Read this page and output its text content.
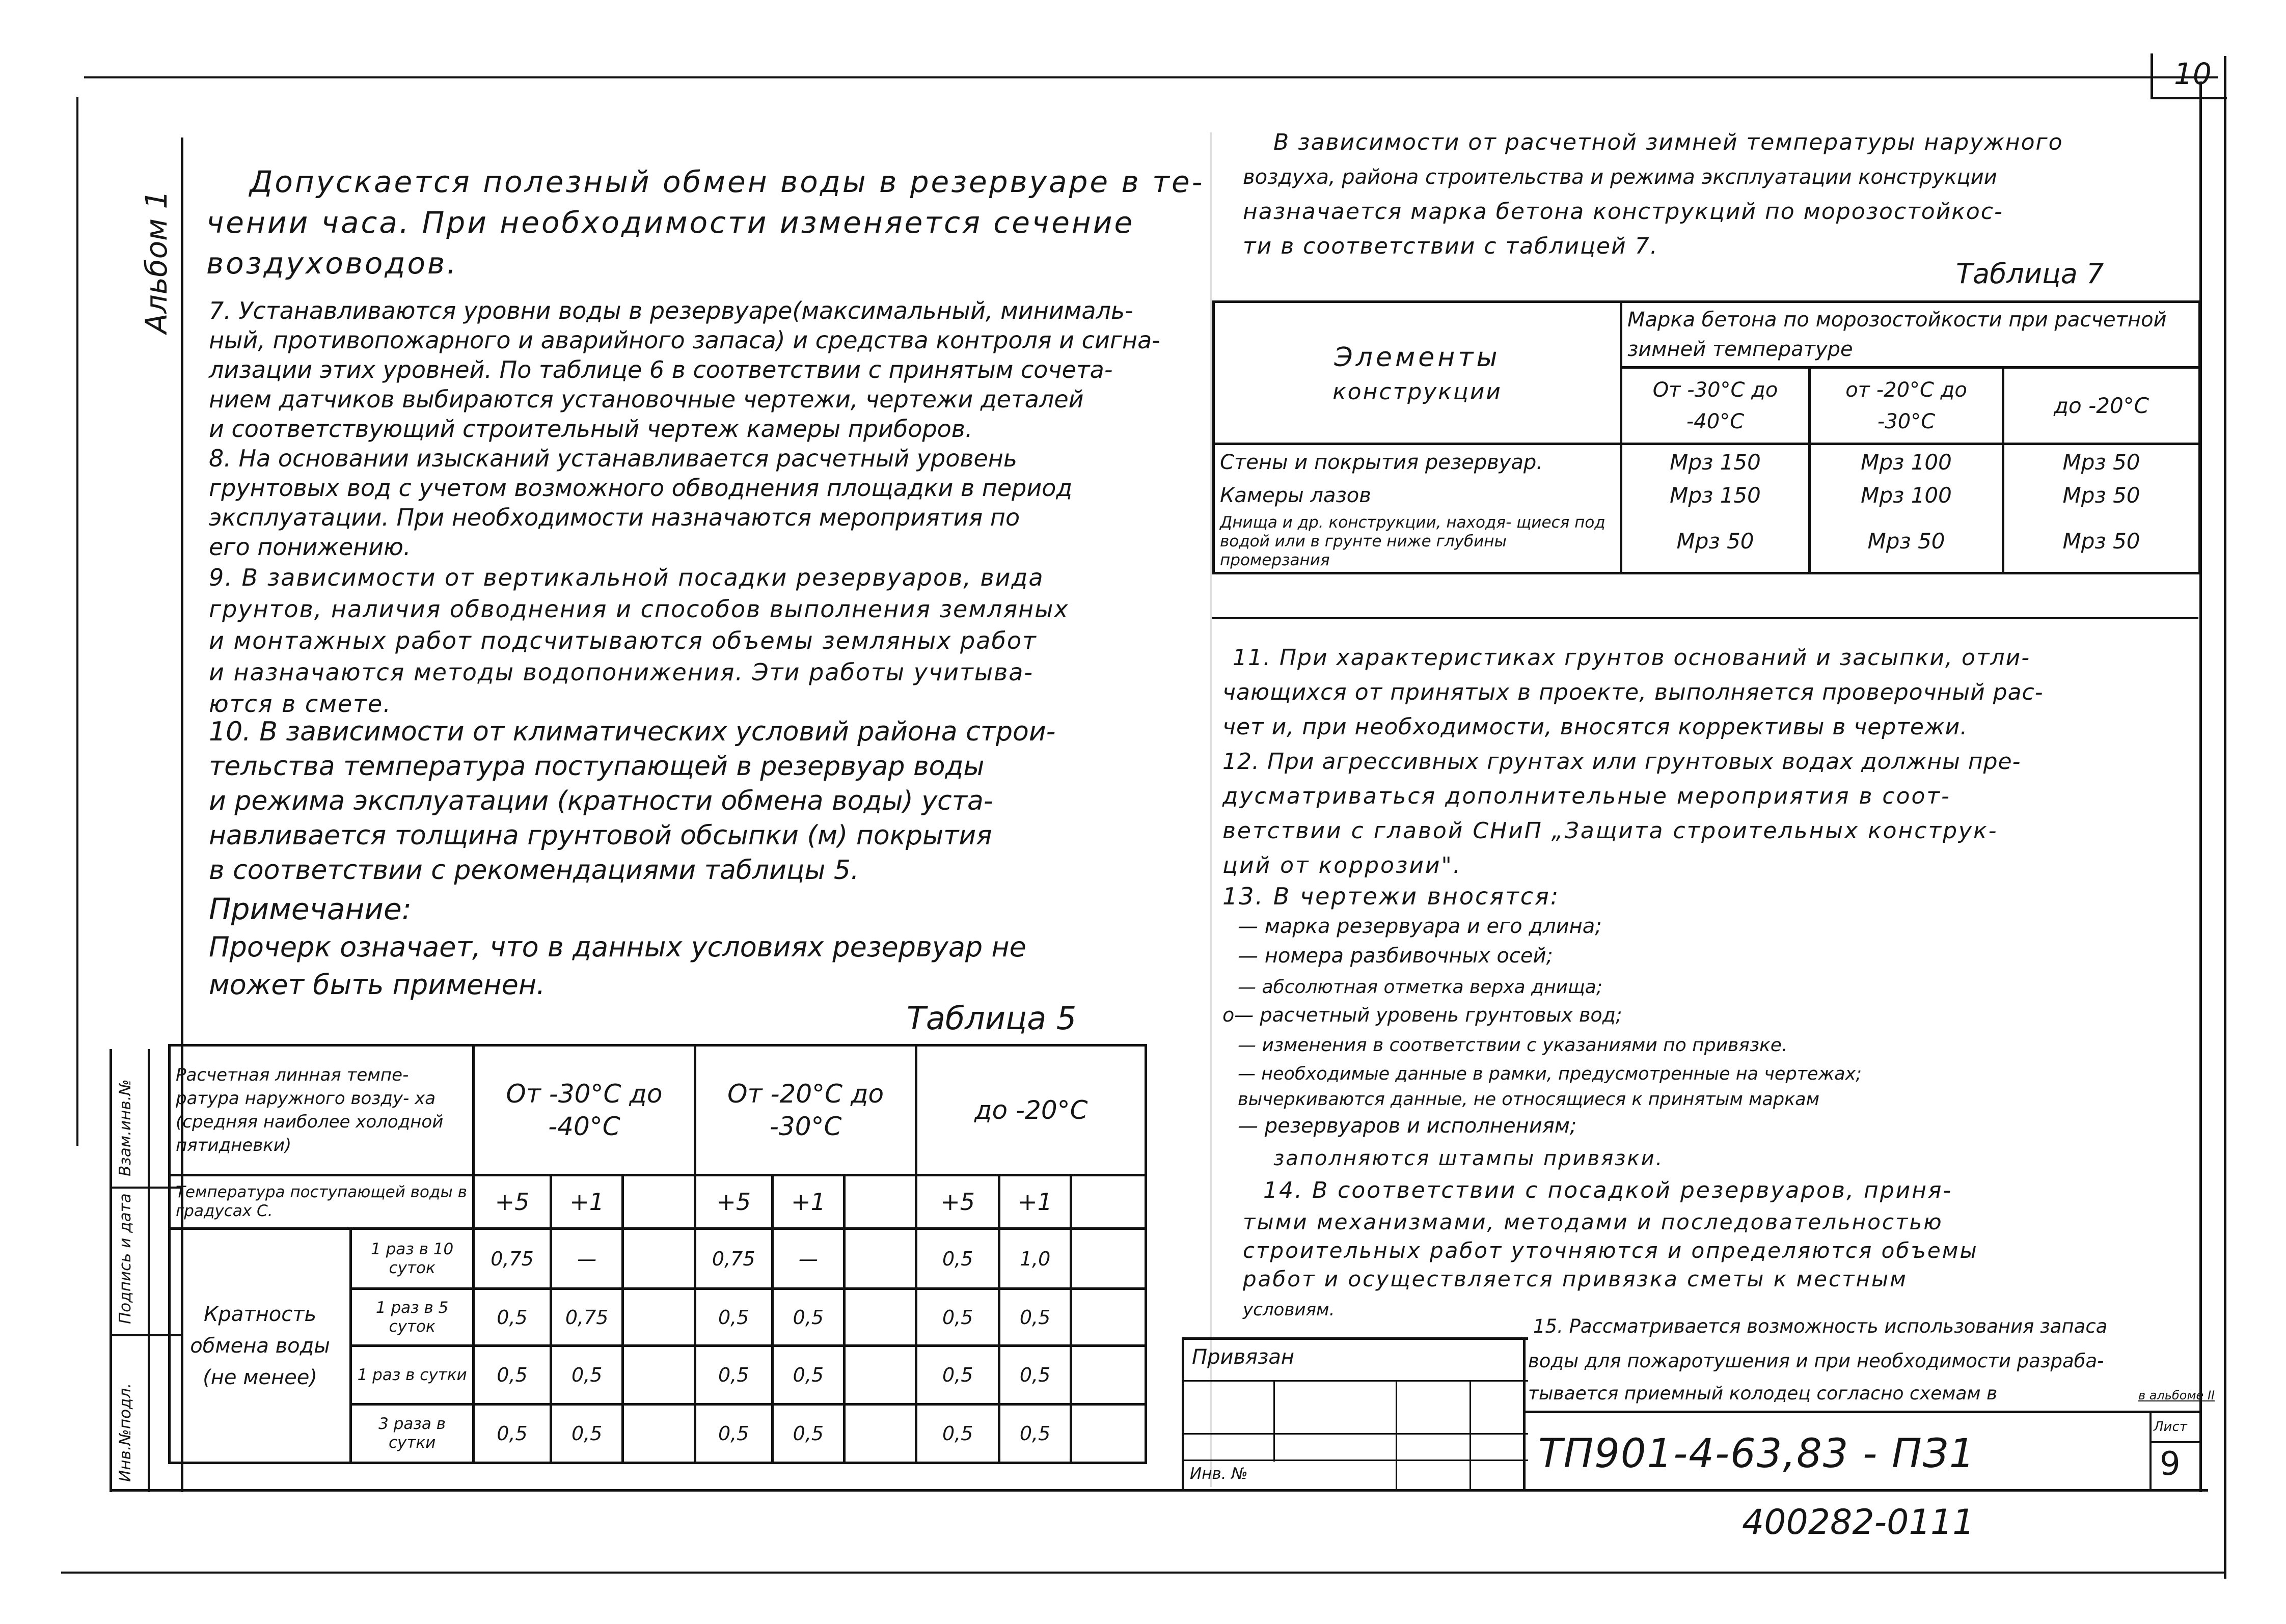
10
Альбом 1
Взам.инв.№
Подпись и дата
Инв.№подл.

Допускается полезный обмен воды в резервуаре в те-

чении часа. При необходимости изменяется сечение

воздуховодов.

7. Устанавливаются уровни воды в резервуаре(максимальный, минималь-

ный, противопожарного и аварийного запаса) и средства контроля и сигна-

лизации этих уровней. По таблице 6 в соответствии с принятым сочета-

нием датчиков выбираются установочные чертежи, чертежи деталей

и соответствующий строительный чертеж камеры приборов.

8. На основании изысканий устанавливается расчетный уровень

грунтовых вод с учетом возможного обводнения площадки в период

эксплуатации. При необходимости назначаются мероприятия по

его понижению.

9. В зависимости от вертикальной посадки резервуаров, вида

грунтов, наличия обводнения и способов выполнения земляных

и монтажных работ подсчитываются объемы земляных работ

и назначаются методы водопонижения. Эти работы учитыва-

ются в смете.

10. В зависимости от климатических условий района строи-

тельства температура поступающей в резервуар воды

и режима эксплуатации (кратности обмена воды) уста-

навливается толщина грунтовой обсыпки (м) покрытия

в соответствии с рекомендациями таблицы 5.

Примечание:

Прочерк означает, что в данных условиях резервуар не

может быть применен.

Таблица 5

Расчетная линная темпе- ратура наружного возду- ха (средняя наиболее холодной пятидневки)		От -30°С до -40°С			От -20°С до -30°С			до -20°С		
Температура поступающей воды в градусах С.		+5	+1		+5	+1		+5	+1	
Кратность обмена воды (не менее)	1 раз в 10 суток	0,75	—		0,75	—		0,5	1,0	
	1 раз в 5 суток	0,5	0,75		0,5	0,5		0,5	0,5	
	1 раз в сутки	0,5	0,5		0,5	0,5		0,5	0,5	
	3 раза в сутки	0,5	0,5		0,5	0,5		0,5	0,5	

В зависимости от расчетной зимней температуры наружного

воздуха, района строительства и режима эксплуатации конструкции

назначается марка бетона конструкций по морозостойкос-

ти в соответствии с таблицей 7.

Таблица 7

Элементы
конструкции	Марка бетона по морозостойкости при расчетной зимней температуре		
	От -30°С до -40°С	от -20°С до -30°С	до -20°С
Стены и покрытия резервуар.	Мрз 150	Мрз 100	Мрз 50
Камеры лазов	Мрз 150	Мрз 100	Мрз 50
Днища и др. конструкции, находя- щиеся под водой или в грунте ниже глубины промерзания	Мрз 50	Мрз 50	Мрз 50

11. При характеристиках грунтов оснований и засыпки, отли-

чающихся от принятых в проекте, выполняется проверочный рас-

чет и, при необходимости, вносятся коррективы в чертежи.

12. При агрессивных грунтах или грунтовых водах должны пре-

дусматриваться дополнительные мероприятия в соот-

ветствии с главой СНиП „Защита строительных конструк-

ций от коррозии".

13. В чертежи вносятся:

— марка резервуара и его длина;

— номера разбивочных осей;

— абсолютная отметка верха днища;

о— расчетный уровень грунтовых вод;

— изменения в соответствии с указаниями по привязке.

— необходимые данные в рамки, предусмотренные на чертежах;

вычеркиваются данные, не относящиеся к принятым маркам

— резервуаров и исполнениям;

заполняются штампы привязки.

14. В соответствии с посадкой резервуаров, приня-

тыми механизмами, методами и последовательностью

строительных работ уточняются и определяются объемы

работ и осуществляется привязка сметы к местным

условиям.

Привязан

Инв. №

Лист

9

ТП901-4-63,83 - ПЗ1

15. Рассматривается возможность использования запаса

воды для пожаротушения и при необходимости разраба-

тывается приемный колодец согласно схемам в	в альбоме II

400282-01 11
